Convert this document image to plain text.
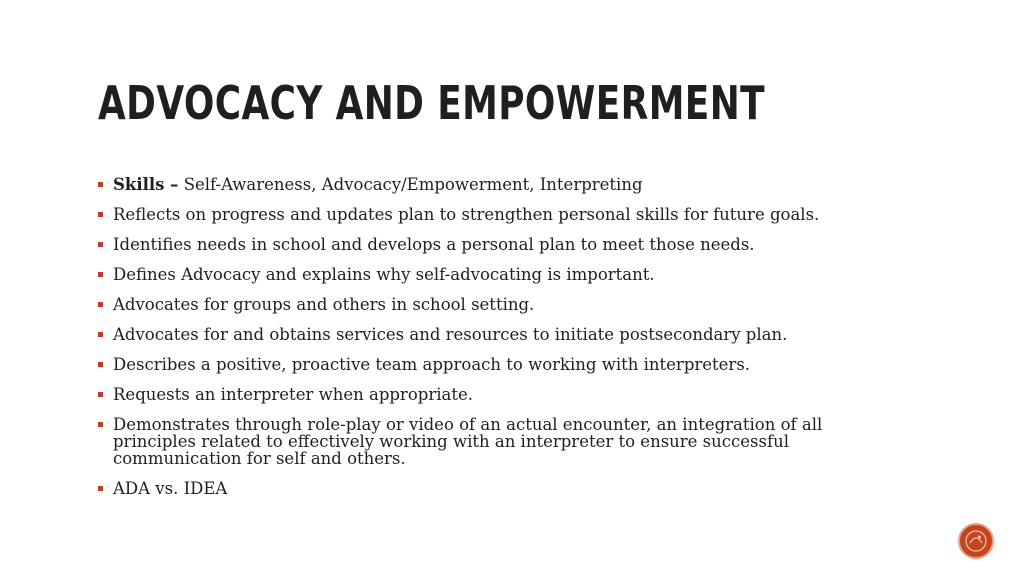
ADVOCACY AND EMPOWERMENT
Skills – Self-Awareness, Advocacy/Empowerment, Interpreting
Reflects on progress and updates plan to strengthen personal skills for future goals.
Identifies needs in school and develops a personal plan to meet those needs.
Defines Advocacy and explains why self-advocating is important.
Advocates for groups and others in school setting.
Advocates for and obtains services and resources to initiate postsecondary plan.
Describes a positive, proactive team approach to working with interpreters.
Requests an interpreter when appropriate.
Demonstrates through role-play or video of an actual encounter, an integration of all principles related to effectively working with an interpreter to ensure successful communication for self and others.
ADA vs. IDEA
